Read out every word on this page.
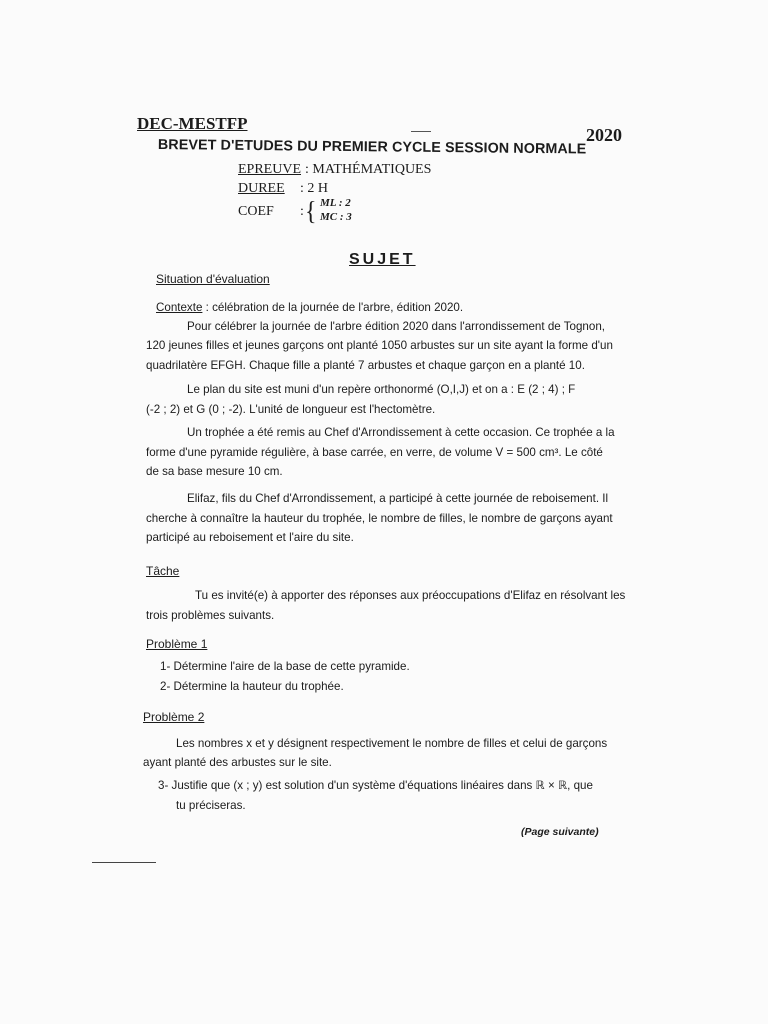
DEC-MESTFP
2020
BREVET D'ETUDES DU PREMIER CYCLE SESSION NORMALE
EPREUVE : MATHÉMATIQUES
DUREE : 2 H
COEF : { ML : 2
MC : 3
SUJET
Situation d'évaluation
Contexte : célébration de la journée de l'arbre, édition 2020.
Pour célébrer la journée de l'arbre édition 2020 dans l'arrondissement de Tognon,
120 jeunes filles et jeunes garçons ont planté 1050 arbustes sur un site ayant la forme d'un
quadrilatère EFGH. Chaque fille a planté 7 arbustes et chaque garçon en a planté 10.
Le plan du site est muni d'un repère orthonormé (O,I,J) et on a : E (2 ; 4) ; F
(-2 ; 2) et G (0 ; -2). L'unité de longueur est l'hectomètre.
Un trophée a été remis au Chef d'Arrondissement à cette occasion. Ce trophée a la
forme d'une pyramide régulière, à base carrée, en verre, de volume V = 500 cm³. Le côté
de sa base mesure 10 cm.
Elifaz, fils du Chef d'Arrondissement, a participé à cette journée de reboisement. Il
cherche à connaître la hauteur du trophée, le nombre de filles, le nombre de garçons ayant
participé au reboisement et l'aire du site.
Tâche
Tu es invité(e) à apporter des réponses aux préoccupations d'Elifaz en résolvant les
trois problèmes suivants.
Problème 1
1- Détermine l'aire de la base de cette pyramide.
2- Détermine la hauteur du trophée.
Problème 2
Les nombres x et y désignent respectivement le nombre de filles et celui de garçons
ayant planté des arbustes sur le site.
3- Justifie que (x ; y) est solution d'un système d'équations linéaires dans ℝ × ℝ, que
tu préciseras.
(Page suivante)
